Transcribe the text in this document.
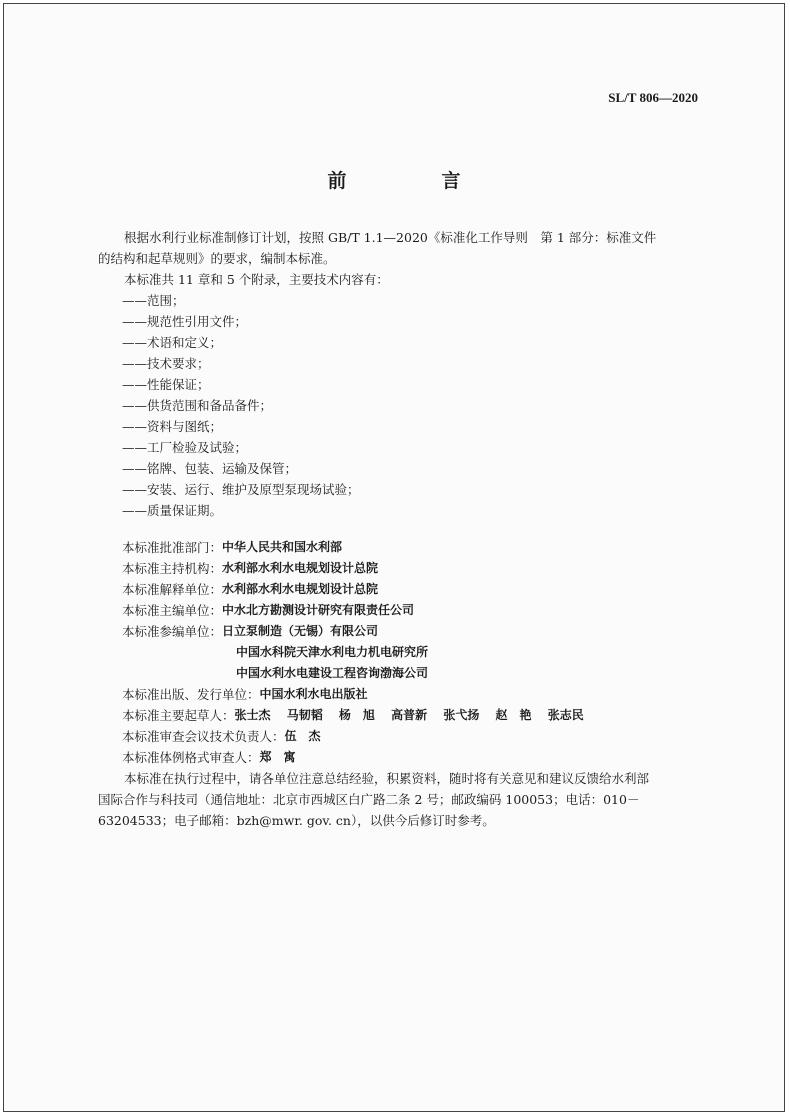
SL/T 806—2020
前　言

根据水利行业标准制修订计划，按照 GB/T 1.1—2020《标准化工作导则　第 1 部分：标准文件

的结构和起草规则》的要求，编制本标准。

本标准共 11 章和 5 个附录，主要技术内容有：

——范围；

——规范性引用文件；

——术语和定义；

——技术要求；

——性能保证；

——供货范围和备品备件；

——资料与图纸；

——工厂检验及试验；

——铭牌、包装、运输及保管；

——安装、运行、维护及原型泵现场试验；

——质量保证期。

本标准批准部门： 中华人民共和国水利部
本标准主持机构： 水利部水利水电规划设计总院
本标准解释单位： 水利部水利水电规划设计总院
本标准主编单位： 中水北方勘测设计研究有限责任公司
本标准参编单位： 日立泵制造（无锡）有限公司
中国水科院天津水利电力机电研究所
中国水利水电建设工程咨询渤海公司
本标准出版、发行单位： 中国水利水电出版社
本标准主要起草人： 张士杰 马韧韬 杨　旭 高普新 张弋扬 赵　艳 张志民
本标准审查会议技术负责人： 伍　杰
本标准体例格式审查人： 郑　寓

本标准在执行过程中，请各单位注意总结经验，积累资料，随时将有关意见和建议反馈给水利部

国际合作与科技司（通信地址：北京市西城区白广路二条 2 号；邮政编码 100053；电话：010－

63204533；电子邮箱：bzh@mwr. gov. cn），以供今后修订时参考。
